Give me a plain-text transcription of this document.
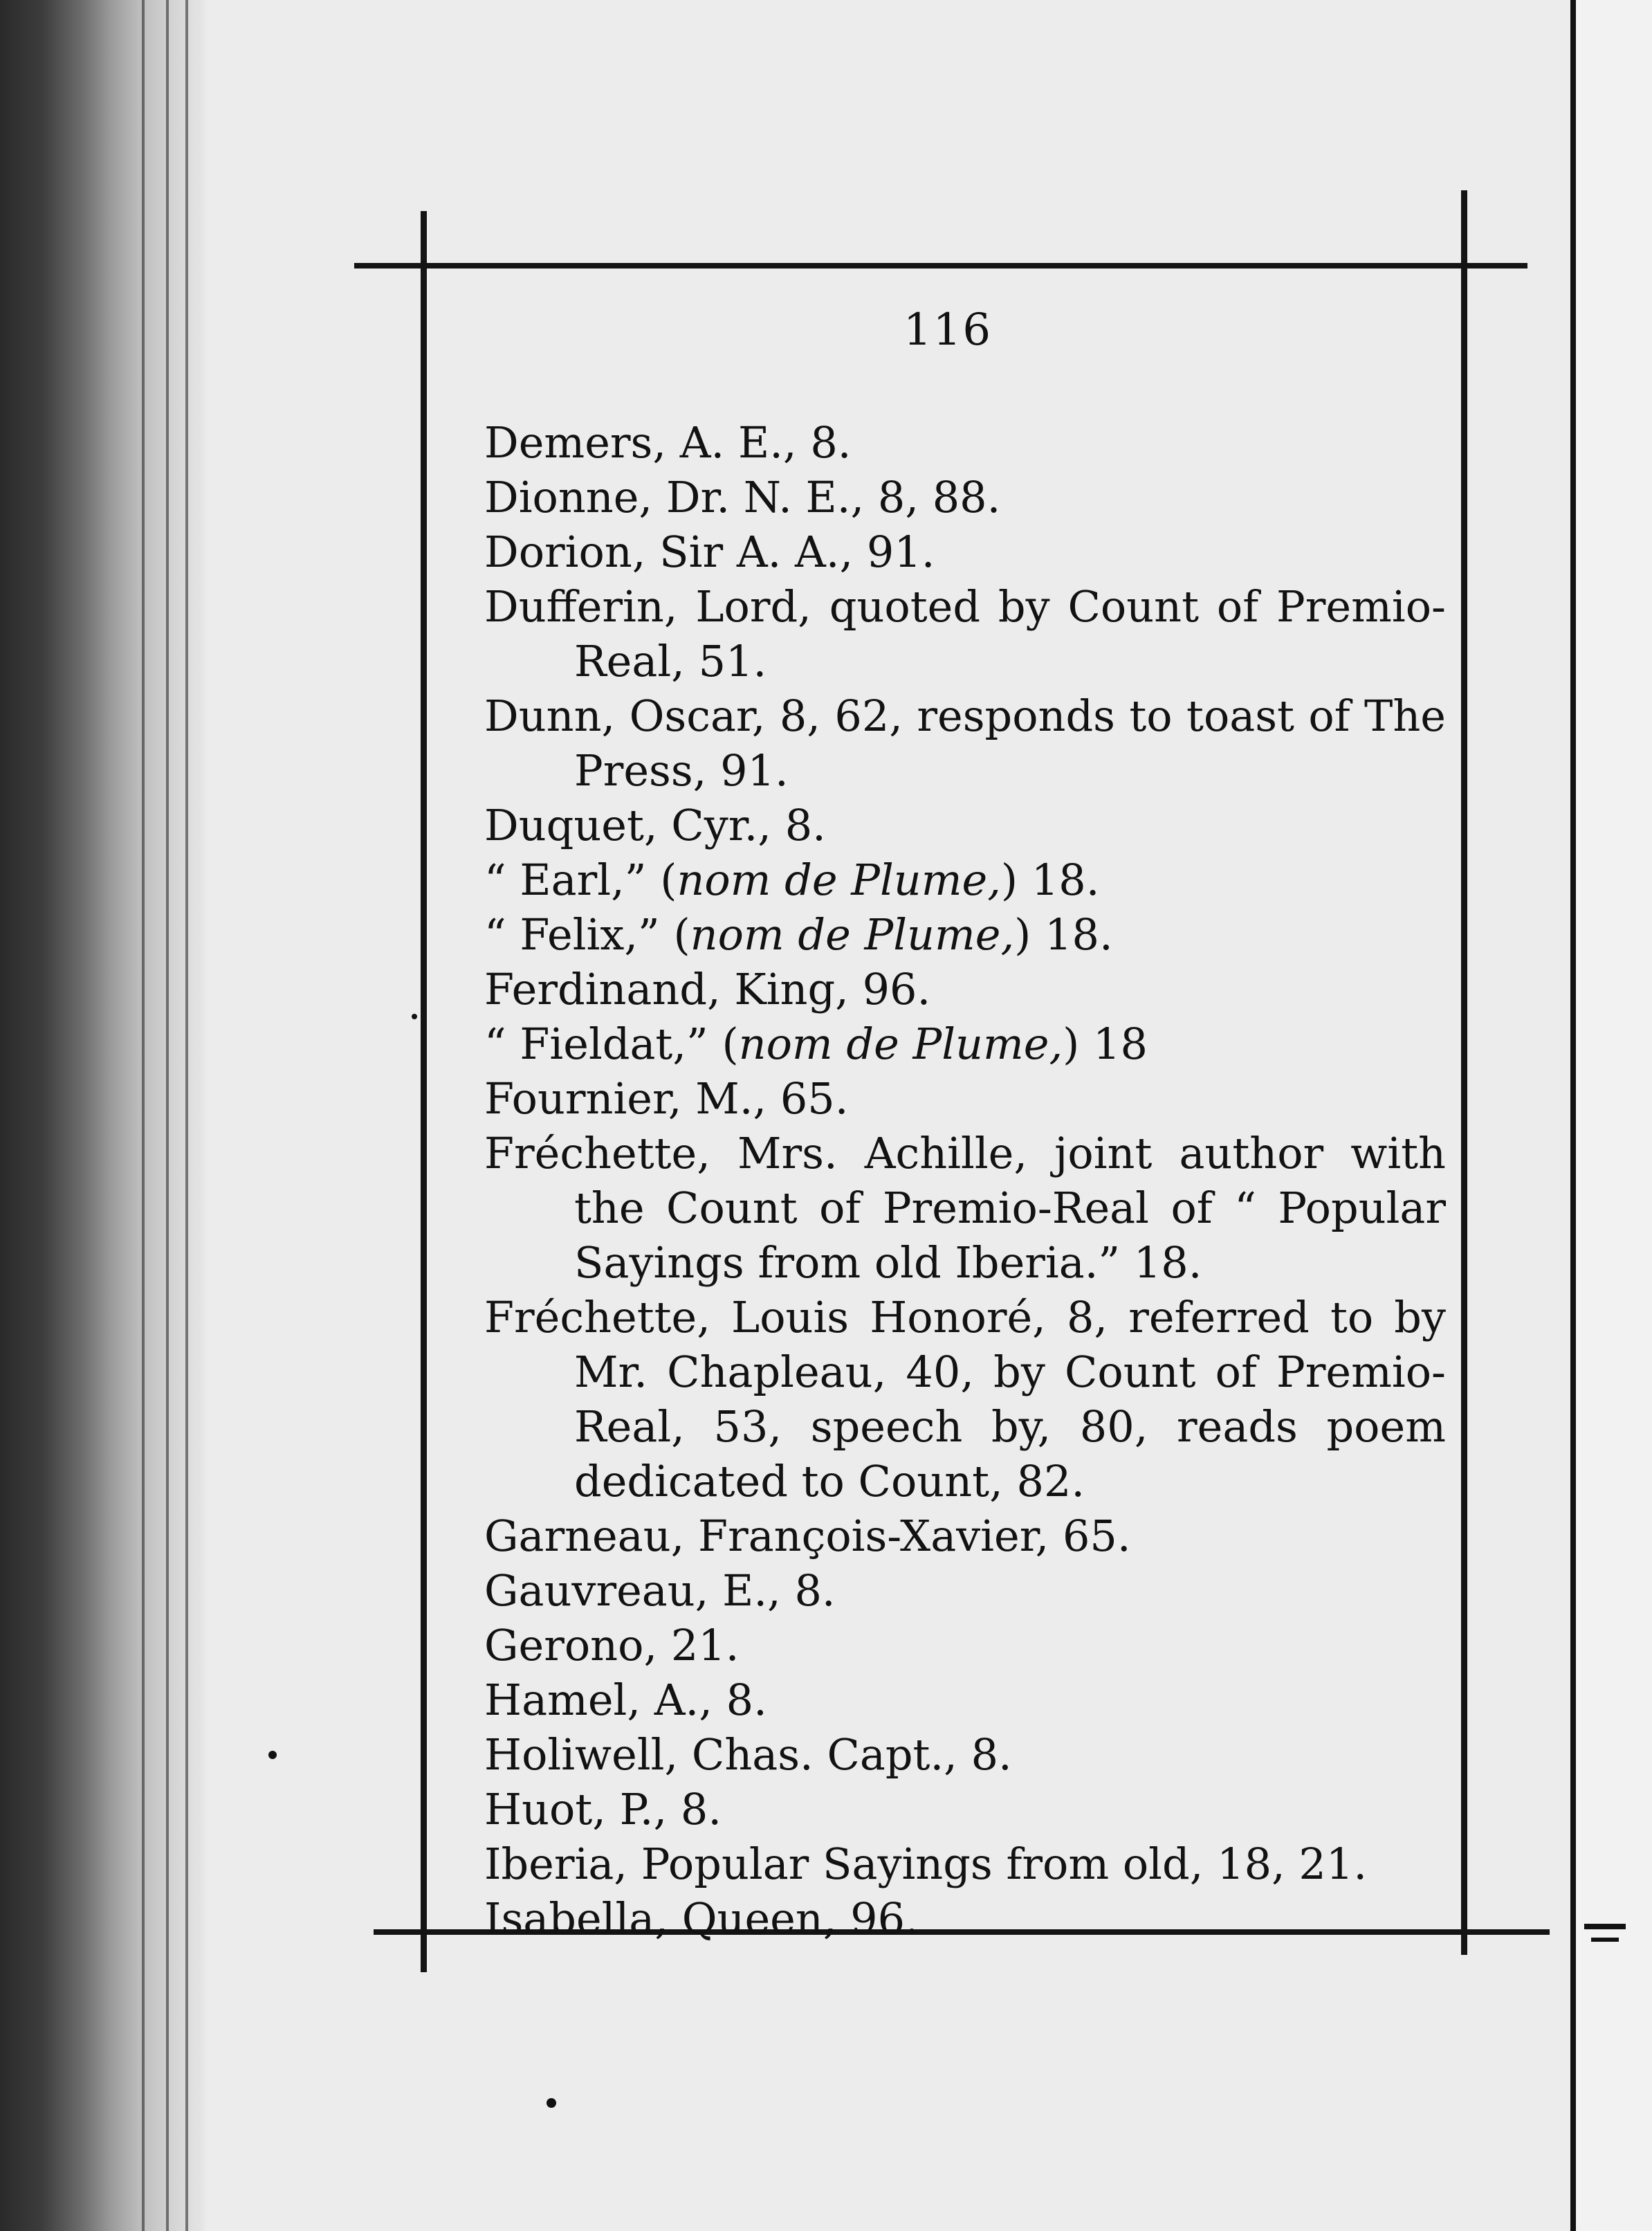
116

Demers, A. E., 8.

Dionne, Dr. N. E., 8, 88.

Dorion, Sir A. A., 91.

Dufferin, Lord, quoted by Count of Premio-Real, 51.

Dunn, Oscar, 8, 62, responds to toast of The Press, 91.

Duquet, Cyr., 8.

“ Earl,” (nom de Plume,) 18.

“ Felix,” (nom de Plume,) 18.

Ferdinand, King, 96.

“ Fieldat,” (nom de Plume,) 18

Fournier, M., 65.

Fréchette, Mrs. Achille, joint author with the Count of Premio-Real of “ Popular Sayings from old Iberia.” 18.

Fréchette, Louis Honoré, 8, referred to by Mr. Chapleau, 40, by Count of Premio-Real, 53, speech by, 80, reads poem dedicated to Count, 82.

Garneau, François-Xavier, 65.

Gauvreau, E., 8.

Gerono, 21.

Hamel, A., 8.

Holiwell, Chas. Capt., 8.

Huot, P., 8.

Iberia, Popular Sayings from old, 18, 21.

Isabella, Queen, 96.
